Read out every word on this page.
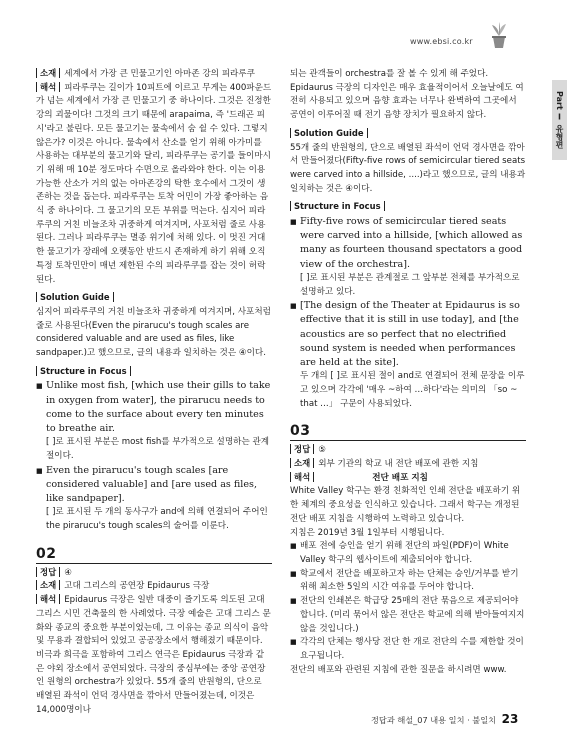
www.ebsi.co.kr
Part Ⅰ 유형편

소재 세계에서 가장 큰 민물고기인 아마존 강의 피라루쿠

해석 피라루쿠는 길이가 10피트에 이르고 무게는 400파운드가 넘는 세계에서 가장 큰 민물고기 중 하나이다. 그것은 진정한 강의 괴물이다! 그것의 크기 때문에 arapaima, 즉 '드래곤 피시'라고 불린다. 모든 물고기는 물속에서 숨 쉴 수 있다. 그렇지 않은가? 이것은 아니다. 물속에서 산소를 얻기 위해 아가미를 사용하는 대부분의 물고기와 달리, 피라루쿠는 공기를 들이마시기 위해 매 10분 정도마다 수면으로 올라와야 한다. 이는 이용 가능한 산소가 거의 없는 아마존강의 탁한 호수에서 그것이 생존하는 것을 돕는다. 피라루쿠는 토착 어민이 가장 좋아하는 음식 중 하나이다. 그 물고기의 모든 부위를 먹는다. 심지어 피라루쿠의 거친 비늘조차 귀중하게 여겨지며, 사포처럼 줄로 사용된다. 그러나 피라루쿠는 멸종 위기에 처해 있다. 이 멋진 거대한 물고기가 장래에 오랫동안 반드시 존재하게 하기 위해 오직 특정 토착민만이 매년 제한된 수의 피라루쿠를 잡는 것이 허락된다.

Solution Guide

심지어 피라루쿠의 거친 비늘조차 귀중하게 여겨지며, 사포처럼 줄로 사용된다(Even the pirarucu's tough scales are considered valuable and are used as files, like sandpaper.)고 했으므로, 글의 내용과 일치하는 것은 ④이다.

Structure in Focus

■ Unlike most fish, [which use their gills to take in oxygen from water], the pirarucu needs to come to the surface about every ten minutes to breathe air.

[ ]로 표시된 부분은 most fish를 부가적으로 설명하는 관계절이다.

■ Even the pirarucu's tough scales [are considered valuable] and [are used as files, like sandpaper].

[ ]로 표시된 두 개의 동사구가 and에 의해 연결되어 주어인 the pirarucu's tough scales의 술어를 이룬다.

02

정답 ④

소재 고대 그리스의 공연장 Epidaurus 극장

해석 Epidaurus 극장은 일반 대중이 즐기도록 의도된 고대 그리스 시민 건축물의 한 사례였다. 극장 예술은 고대 그리스 문화와 종교의 중요한 부분이었는데, 그 이유는 종교 의식이 음악 및 무용과 결합되어 있었고 공공장소에서 행해졌기 때문이다. 비극과 희극을 포함하여 그리스 연극은 Epidaurus 극장과 같은 야외 장소에서 공연되었다. 극장의 중심부에는 중앙 공연장인 원형의 orchestra가 있었다. 55개 줄의 반원형의, 단으로 배열된 좌석이 언덕 경사면을 깎아서 만들어졌는데, 이것은 14,000명이나

되는 관객들이 orchestra를 잘 볼 수 있게 해 주었다. Epidaurus 극장의 디자인은 매우 효율적이어서 오늘날에도 여전히 사용되고 있으며 음향 효과는 너무나 완벽하여 그곳에서 공연이 이루어질 때 전기 음향 장치가 필요하지 않다.

Solution Guide

55개 줄의 반원형의, 단으로 배열된 좌석이 언덕 경사면을 깎아서 만들어졌다(Fifty-five rows of semicircular tiered seats were carved into a hillside, ....)라고 했으므로, 글의 내용과 일치하는 것은 ④이다.

Structure in Focus

■ Fifty-five rows of semicircular tiered seats were carved into a hillside, [which allowed as many as fourteen thousand spectators a good view of the orchestra].

[ ]로 표시된 부분은 관계절로 그 앞부분 전체를 부가적으로 설명하고 있다.

■ [The design of the Theater at Epidaurus is so effective that it is still in use today], and [the acoustics are so perfect that no electrified sound system is needed when performances are held at the site].

두 개의 [ ]로 표시된 절이 and로 연결되어 전체 문장을 이루고 있으며 각각에 '매우 ~하여 …하다'라는 의미의 「so ~ that …」 구문이 사용되었다.

03

정답 ⑤

소재 외부 기관의 학교 내 전단 배포에 관한 지침

해석	전단 배포 지침

White Valley 학구는 환경 친화적인 인쇄 전단을 배포하기 위한 체계의 중요성을 인식하고 있습니다. 그래서 학구는 개정된 전단 배포 지침을 시행하여 노력하고 있습니다.

지침은 2019년 3월 1일부터 시행됩니다.

■ 배포 전에 승인을 얻기 위해 전단의 파일(PDF)이 White Valley 학구의 웹사이트에 제출되어야 합니다.

■ 학교에서 전단을 배포하고자 하는 단체는 승인/거부를 받기 위해 최소한 5일의 시간 여유를 두어야 합니다.

■ 전단의 인쇄본은 학급당 25매의 전단 묶음으로 제공되어야 합니다. (미리 묶어서 않은 전단은 학교에 의해 받아들여지지 않을 것입니다.)

■ 각각의 단체는 행사당 전단 한 개로 전단의 수를 제한할 것이 요구됩니다.

전단의 배포와 관련된 지침에 관한 질문을 하시려면 www.

정답과 해설_07 내용 일치 · 불일치 23
